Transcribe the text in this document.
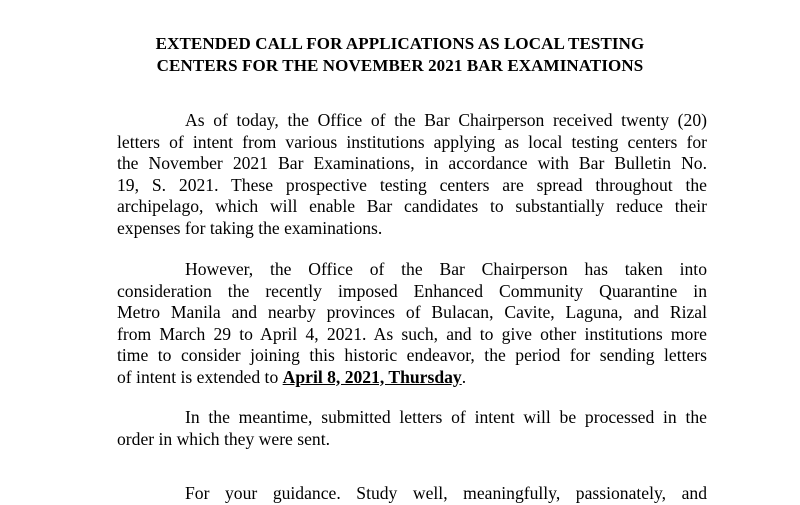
EXTENDED CALL FOR APPLICATIONS AS LOCAL TESTING
CENTERS FOR THE NOVEMBER 2021 BAR EXAMINATIONS
As of today, the Office of the Bar Chairperson received twenty (20)
letters of intent from various institutions applying as local testing centers for
the November 2021 Bar Examinations, in accordance with Bar Bulletin No.
19, S. 2021. These prospective testing centers are spread throughout the
archipelago, which will enable Bar candidates to substantially reduce their
expenses for taking the examinations.
However, the Office of the Bar Chairperson has taken into
consideration the recently imposed Enhanced Community Quarantine in
Metro Manila and nearby provinces of Bulacan, Cavite, Laguna, and Rizal
from March 29 to April 4, 2021. As such, and to give other institutions more
time to consider joining this historic endeavor, the period for sending letters
of intent is extended to April 8, 2021, Thursday.
In the meantime, submitted letters of intent will be processed in the
order in which they were sent.
For your guidance. Study well, meaningfully, passionately, and
